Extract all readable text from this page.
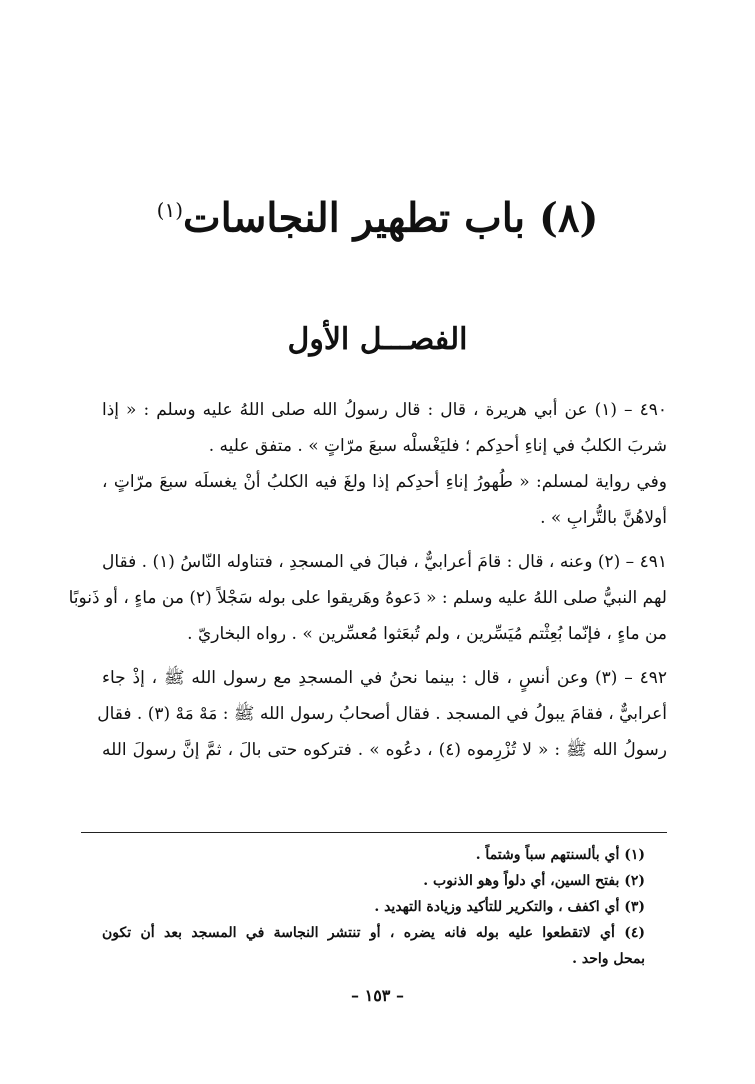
(٨) باب تطهير النجاسات$^{(١)}$
الفصـــل الأول
٤٩٠ – (١) عن أبي هريرة ، قال : قال رسولُ الله صلى اللهُ عليه وسلم : « إذا
شربَ الكلبُ في إناءِ أحدِكم ؛ فليَغْسلْه سبعَ مرّاتٍ » . متفق عليه .
وفي رواية لمسلم: « طُهورُ إناءِ أحدِكم إذا ولغَ فيه الكلبُ أنْ يغسلَه سبعَ مرّاتٍ ،
أولاهُنَّ بالتُّرابِ » .
٤٩١ – (٢) وعنه ، قال : قامَ أعرابيٌّ ، فبالَ في المسجدِ ، فتناوله النّاسُ (١) . فقال
لهم النبيُّ صلى اللهُ عليه وسلم : « دَعوهُ وهَريقوا على بوله سَجْلاً (٢) من ماءٍ ، أو ذَنوبًا
من ماءٍ ، فإنّما بُعِثْتم مُيَسِّرين ، ولم تُبعَثوا مُعسِّرين » . رواه البخاريّ .
٤٩٢ – (٣) وعن أنسٍ ، قال : بينما نحنُ في المسجدِ مع رسول الله ﷺ ، إذْ جاء
أعرابيٌّ ، فقامَ يبولُ في المسجد . فقال أصحابُ رسول الله ﷺ : مَهْ مَهْ (٣) . فقال
رسولُ الله ﷺ : « لا تُزْرِموه (٤) ، دعُوه » . فتركوه حتى بالَ ، ثمَّ إنَّ رسولَ الله
(١) أي بألسنتهم سباً وشتماً .
(٢) بفتح السين، أي دلواً وهو الذنوب .
(٣) أي اكفف ، والتكرير للتأكيد وزيادة التهديد .
(٤) أي لاتقطعوا عليه بوله فانه يضره ، أو تنتشر النجاسة في المسجد بعد أن تكون
بمحل واحد .
– ١٥٣ –
